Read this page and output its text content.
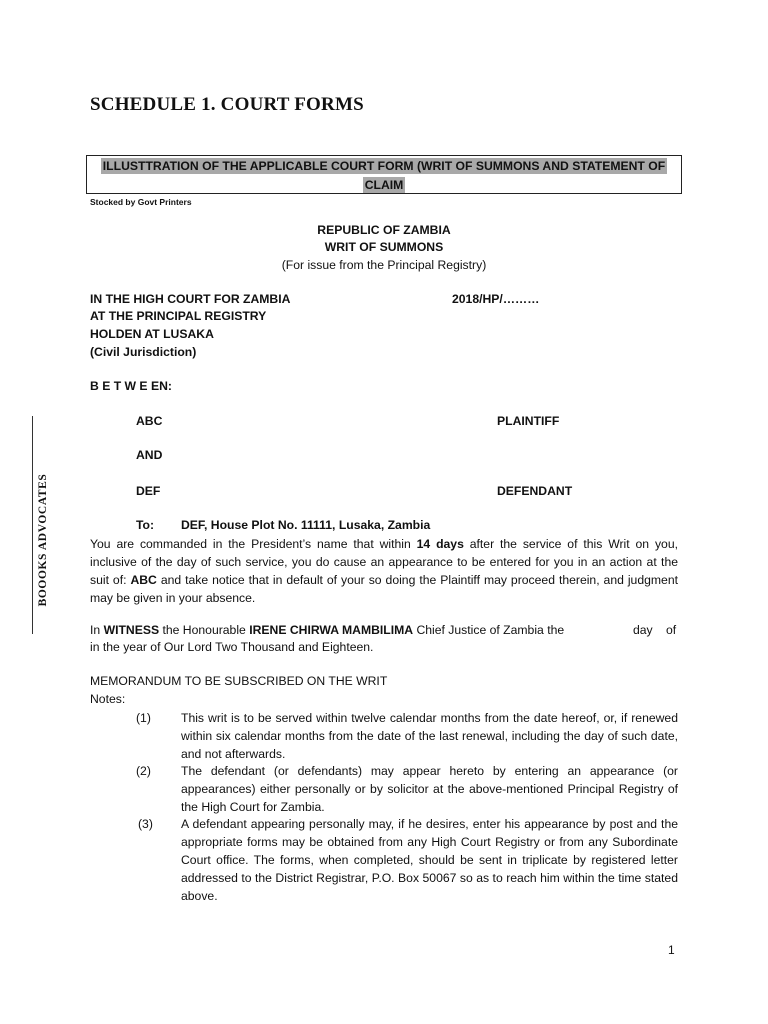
SCHEDULE 1. COURT FORMS
ILLUSTTRATION OF THE APPLICABLE COURT FORM (WRIT OF SUMMONS AND STATEMENT OF
CLAIM
Stocked by Govt Printers
REPUBLIC OF ZAMBIA
WRIT OF SUMMONS
(For issue from the Principal Registry)
IN THE HIGH COURT FOR ZAMBIA	2018/HP/………
AT THE PRINCIPAL REGISTRY
HOLDEN AT LUSAKA
(Civil Jurisdiction)
B E T W E EN:
ABC	PLAINTIFF
AND
DEF	DEFENDANT
To: DEF, House Plot No. 11111, Lusaka, Zambia
You are commanded in the President’s name that within 14 days after the service of this Writ on you, inclusive of the day of such service, you do cause an appearance to be entered for you in an action at the suit of: ABC and take notice that in default of your so doing the Plaintiff may proceed therein, and judgment may be given in your absence.
In WITNESS the Honourable IRENE CHIRWA MAMBILIMA Chief Justice of Zambia the	day of
in the year of Our Lord Two Thousand and Eighteen.
MEMORANDUM TO BE SUBSCRIBED ON THE WRIT
Notes:
(1) This writ is to be served within twelve calendar months from the date hereof, or, if renewed within six calendar months from the date of the last renewal, including the day of such date, and not afterwards.
(2) The defendant (or defendants) may appear hereto by entering an appearance (or appearances) either personally or by solicitor at the above-mentioned Principal Registry of the High Court for Zambia.
(3) A defendant appearing personally may, if he desires, enter his appearance by post and the appropriate forms may be obtained from any High Court Registry or from any Subordinate Court office. The forms, when completed, should be sent in triplicate by registered letter addressed to the District Registrar, P.O. Box 50067 so as to reach him within the time stated above.
BOOOKS ADVOCATES
1
